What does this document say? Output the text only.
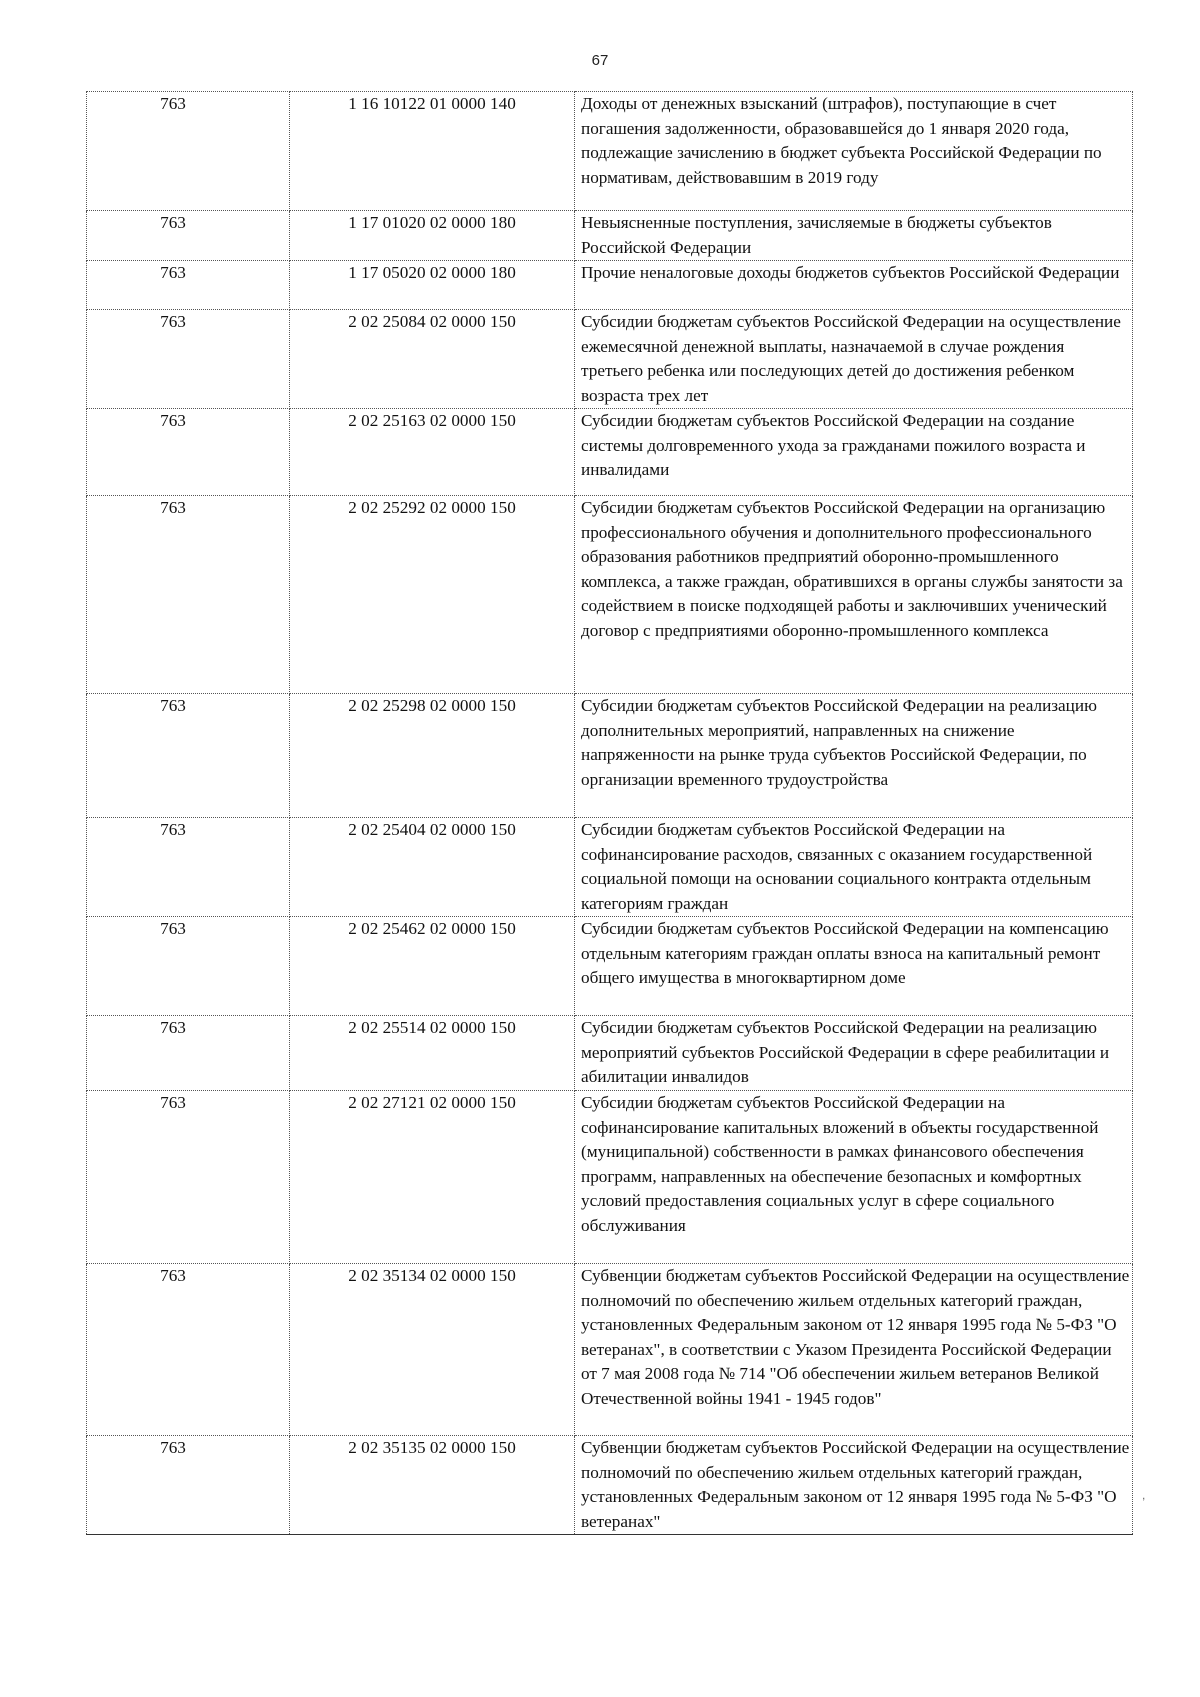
67
763	1 16 10122 01 0000 140	Доходы от денежных взысканий (штрафов), поступающие в счет погашения задолженности, образовавшейся до 1 января 2020 года, подлежащие зачислению в бюджет субъекта Российской Федерации по нормативам, действовавшим в 2019 году
763	1 17 01020 02 0000 180	Невыясненные поступления, зачисляемые в бюджеты субъектов Российской Федерации
763	1 17 05020 02 0000 180	Прочие неналоговые доходы бюджетов субъектов Российской Федерации
763	2 02 25084 02 0000 150	Субсидии бюджетам субъектов Российской Федерации на осуществление ежемесячной денежной выплаты, назначаемой в случае рождения третьего ребенка или последующих детей до достижения ребенком возраста трех лет
763	2 02 25163 02 0000 150	Субсидии бюджетам субъектов Российской Федерации на создание системы долговременного ухода за гражданами пожилого возраста и инвалидами
763	2 02 25292 02 0000 150	Субсидии бюджетам субъектов Российской Федерации на организацию профессионального обучения и дополнительного профессионального образования работников предприятий оборонно-промышленного комплекса, а также граждан, обратившихся в органы службы занятости за содействием в поиске подходящей работы и заключивших ученический договор с предприятиями оборонно-промышленного комплекса
763	2 02 25298 02 0000 150	Субсидии бюджетам субъектов Российской Федерации на реализацию дополнительных мероприятий, направленных на снижение напряженности на рынке труда субъектов Российской Федерации, по организации временного трудоустройства
763	2 02 25404 02 0000 150	Субсидии бюджетам субъектов Российской Федерации на софинансирование расходов, связанных с оказанием государственной социальной помощи на основании социального контракта отдельным категориям граждан
763	2 02 25462 02 0000 150	Субсидии бюджетам субъектов Российской Федерации на компенсацию отдельным категориям граждан оплаты взноса на капитальный ремонт общего имущества в многоквартирном доме
763	2 02 25514 02 0000 150	Субсидии бюджетам субъектов Российской Федерации на реализацию мероприятий субъектов Российской Федерации в сфере реабилитации и абилитации инвалидов
763	2 02 27121 02 0000 150	Субсидии бюджетам субъектов Российской Федерации на софинансирование капитальных вложений в объекты государственной (муниципальной) собственности в рамках финансового обеспечения программ, направленных на обеспечение безопасных и комфортных условий предоставления социальных услуг в сфере социального обслуживания
763	2 02 35134 02 0000 150	Субвенции бюджетам субъектов Российской Федерации на осуществление полномочий по обеспечению жильем отдельных категорий граждан, установленных Федеральным законом от 12 января 1995 года № 5-ФЗ "О ветеранах", в соответствии с Указом Президента Российской Федерации от 7 мая 2008 года № 714 "Об обеспечении жильем ветеранов Великой Отечественной войны 1941 - 1945 годов"
763	2 02 35135 02 0000 150	Субвенции бюджетам субъектов Российской Федерации на осуществление полномочий по обеспечению жильем отдельных категорий граждан, установленных Федеральным законом от 12 января 1995 года № 5-ФЗ "О ветеранах"
,
